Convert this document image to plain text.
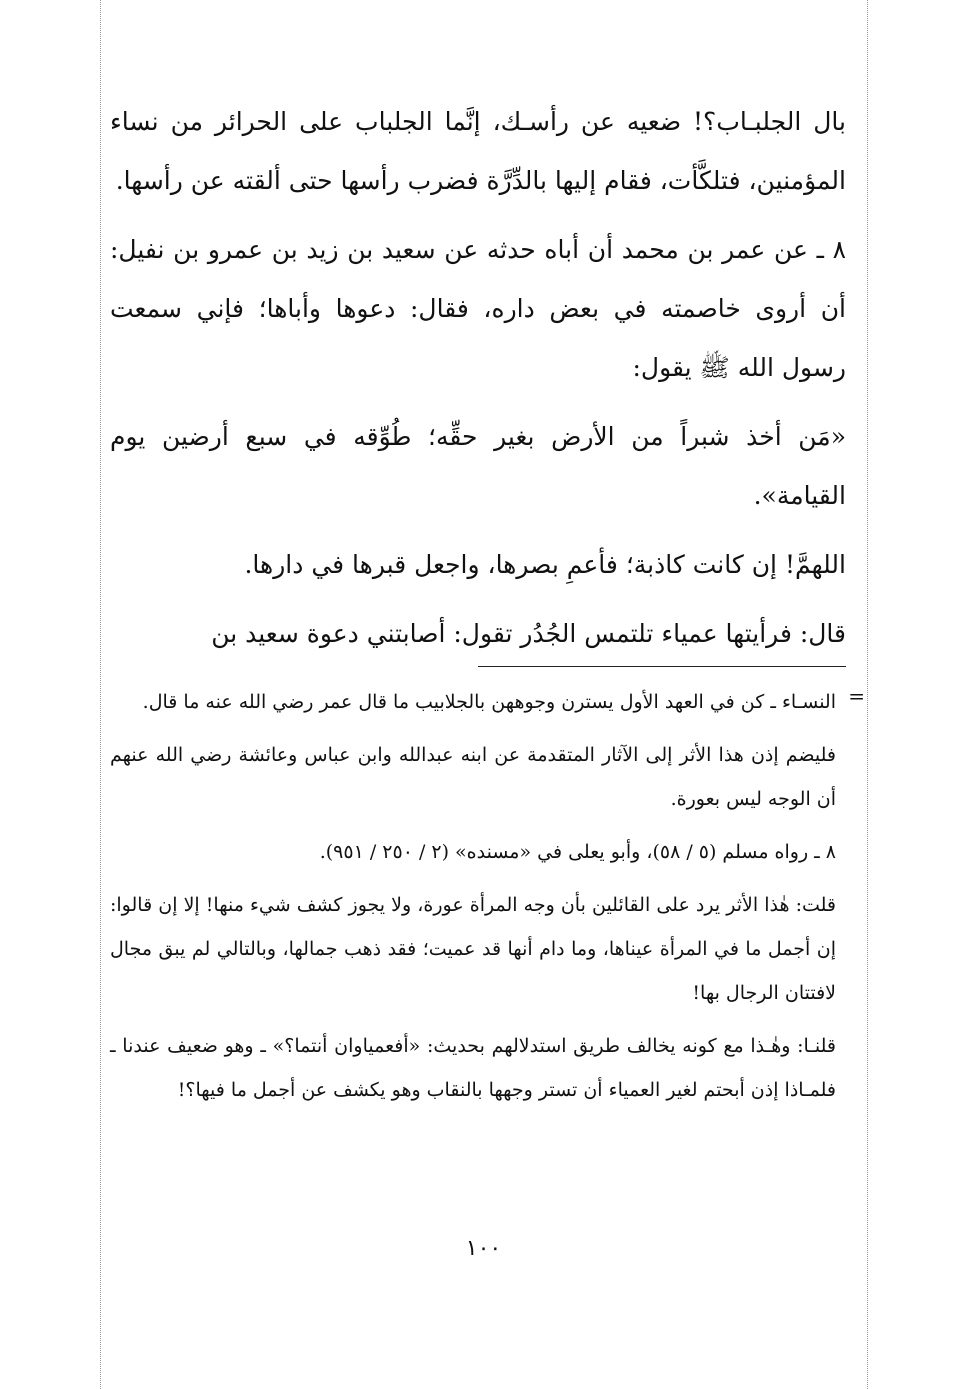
بال الجلبـاب؟! ضعيه عن رأسـك، إنَّما الجلباب على الحرائر من نساء المؤمنين، فتلكَّأت، فقام إليها بالدِّرَّة فضرب رأسها حتى ألقته عن رأسها.

٨ ـ عن عمر بن محمد أن أباه حدثه عن سعيد بن زيد بن عمرو بن نفيل: أن أروى خاصمته في بعض داره، فقال: دعوها وأباها؛ فإني سمعت رسول الله ﷺ يقول:

«مَن أخذ شبراً من الأرض بغير حقِّه؛ طُوِّقه في سبع أرضين يوم القيامة».

اللهمَّ! إن كانت كاذبة؛ فأعمِ بصرها، واجعل قبرها في دارها.

قال: فرأيتها عمياء تلتمس الجُدُر تقول: أصابتني دعوة سعيد بن

=

النسـاء ـ كن في العهد الأول يسترن وجوههن بالجلابيب ما قال عمر رضي الله عنه ما قال.

فليضم إذن هذا الأثر إلى الآثار المتقدمة عن ابنه عبدالله وابن عباس وعائشة رضي الله عنهم أن الوجه ليس بعورة.

٨ ـ رواه مسلم (٥ / ٥٨)، وأبو يعلى في «مسنده» (٢ / ٢٥٠ / ٩٥١).

قلت: هٰذا الأثر يرد على القائلين بأن وجه المرأة عورة، ولا يجوز كشف شيء منها! إلا إن قالوا: إن أجمل ما في المرأة عيناها، وما دام أنها قد عميت؛ فقد ذهب جمالها، وبالتالي لم يبق مجال لافتتان الرجال بها!

قلنـا: وهٰـذا مع كونه يخالف طريق استدلالهم بحديث: «أفعمياوان أنتما؟» ـ وهو ضعيف عندنا ـ فلمـاذا إذن أبحتم لغير العمياء أن تستر وجهها بالنقاب وهو يكشف عن أجمل ما فيها؟!

١٠٠
